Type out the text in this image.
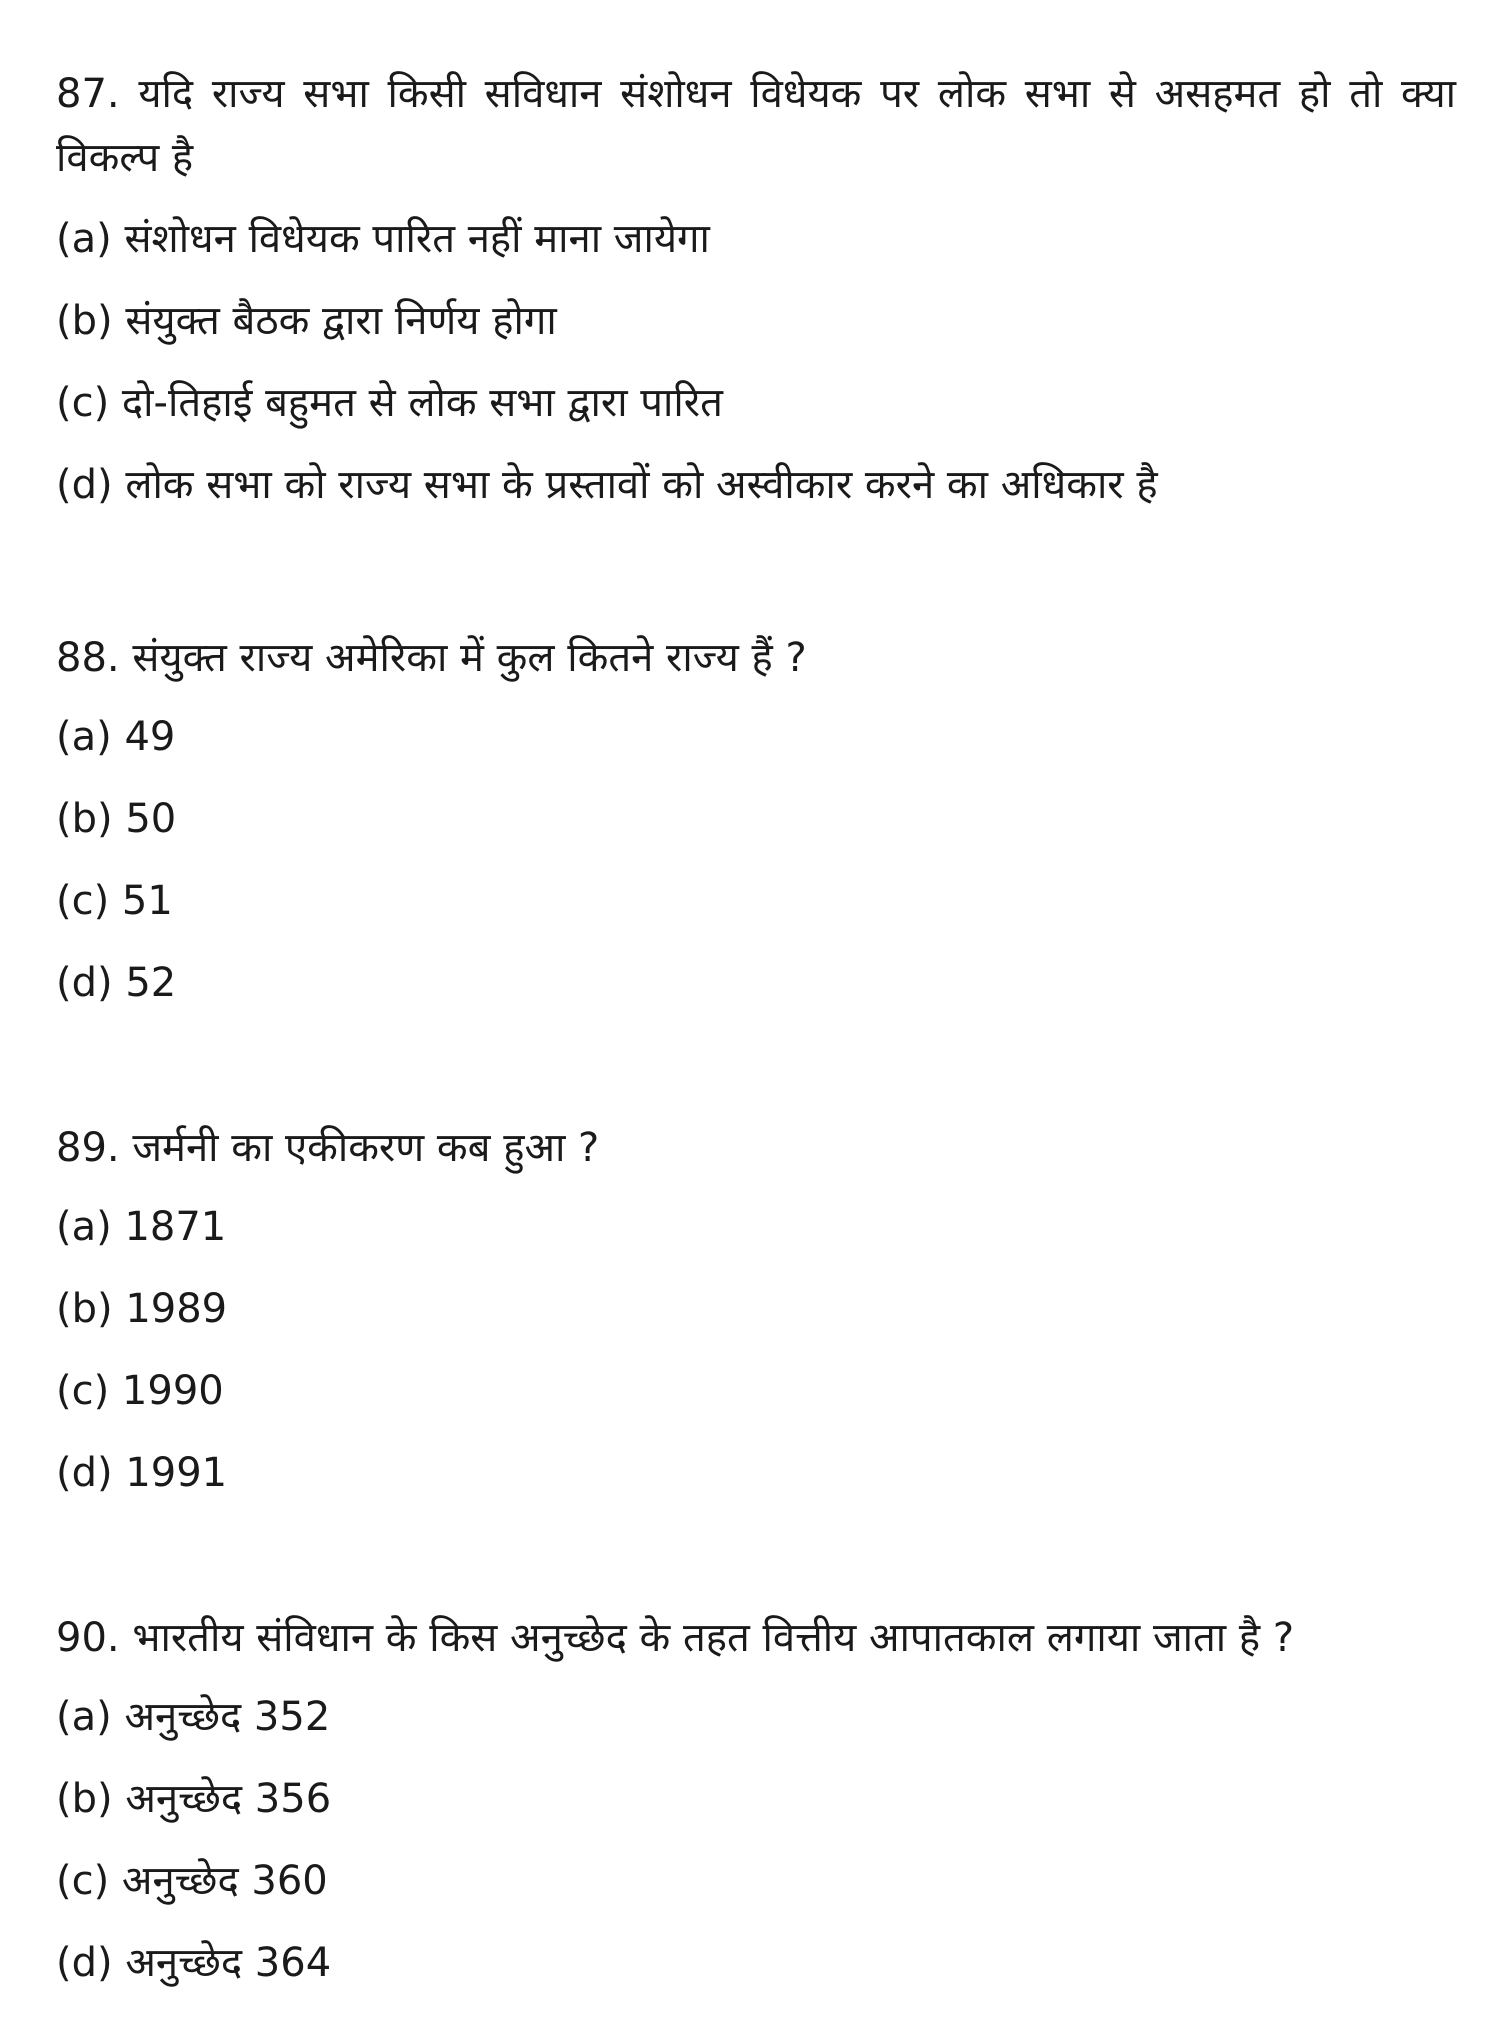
87. यदि राज्य सभा किसी सविधान संशोधन विधेयक पर लोक सभा से असहमत हो तो क्या विकल्प है

(a) संशोधन विधेयक पारित नहीं माना जायेगा

(b) संयुक्त बैठक द्वारा निर्णय होगा

(c) दो-तिहाई बहुमत से लोक सभा द्वारा पारित

(d) लोक सभा को राज्य सभा के प्रस्तावों को अस्वीकार करने का अधिकार है

88. संयुक्त राज्य अमेरिका में कुल कितने राज्य हैं ?

(a) 49

(b) 50

(c) 51

(d) 52

89. जर्मनी का एकीकरण कब हुआ ?

(a) 1871

(b) 1989

(c) 1990

(d) 1991

90. भारतीय संविधान के किस अनुच्छेद के तहत वित्तीय आपातकाल लगाया जाता है ?

(a) अनुच्छेद 352

(b) अनुच्छेद 356

(c) अनुच्छेद 360

(d) अनुच्छेद 364
